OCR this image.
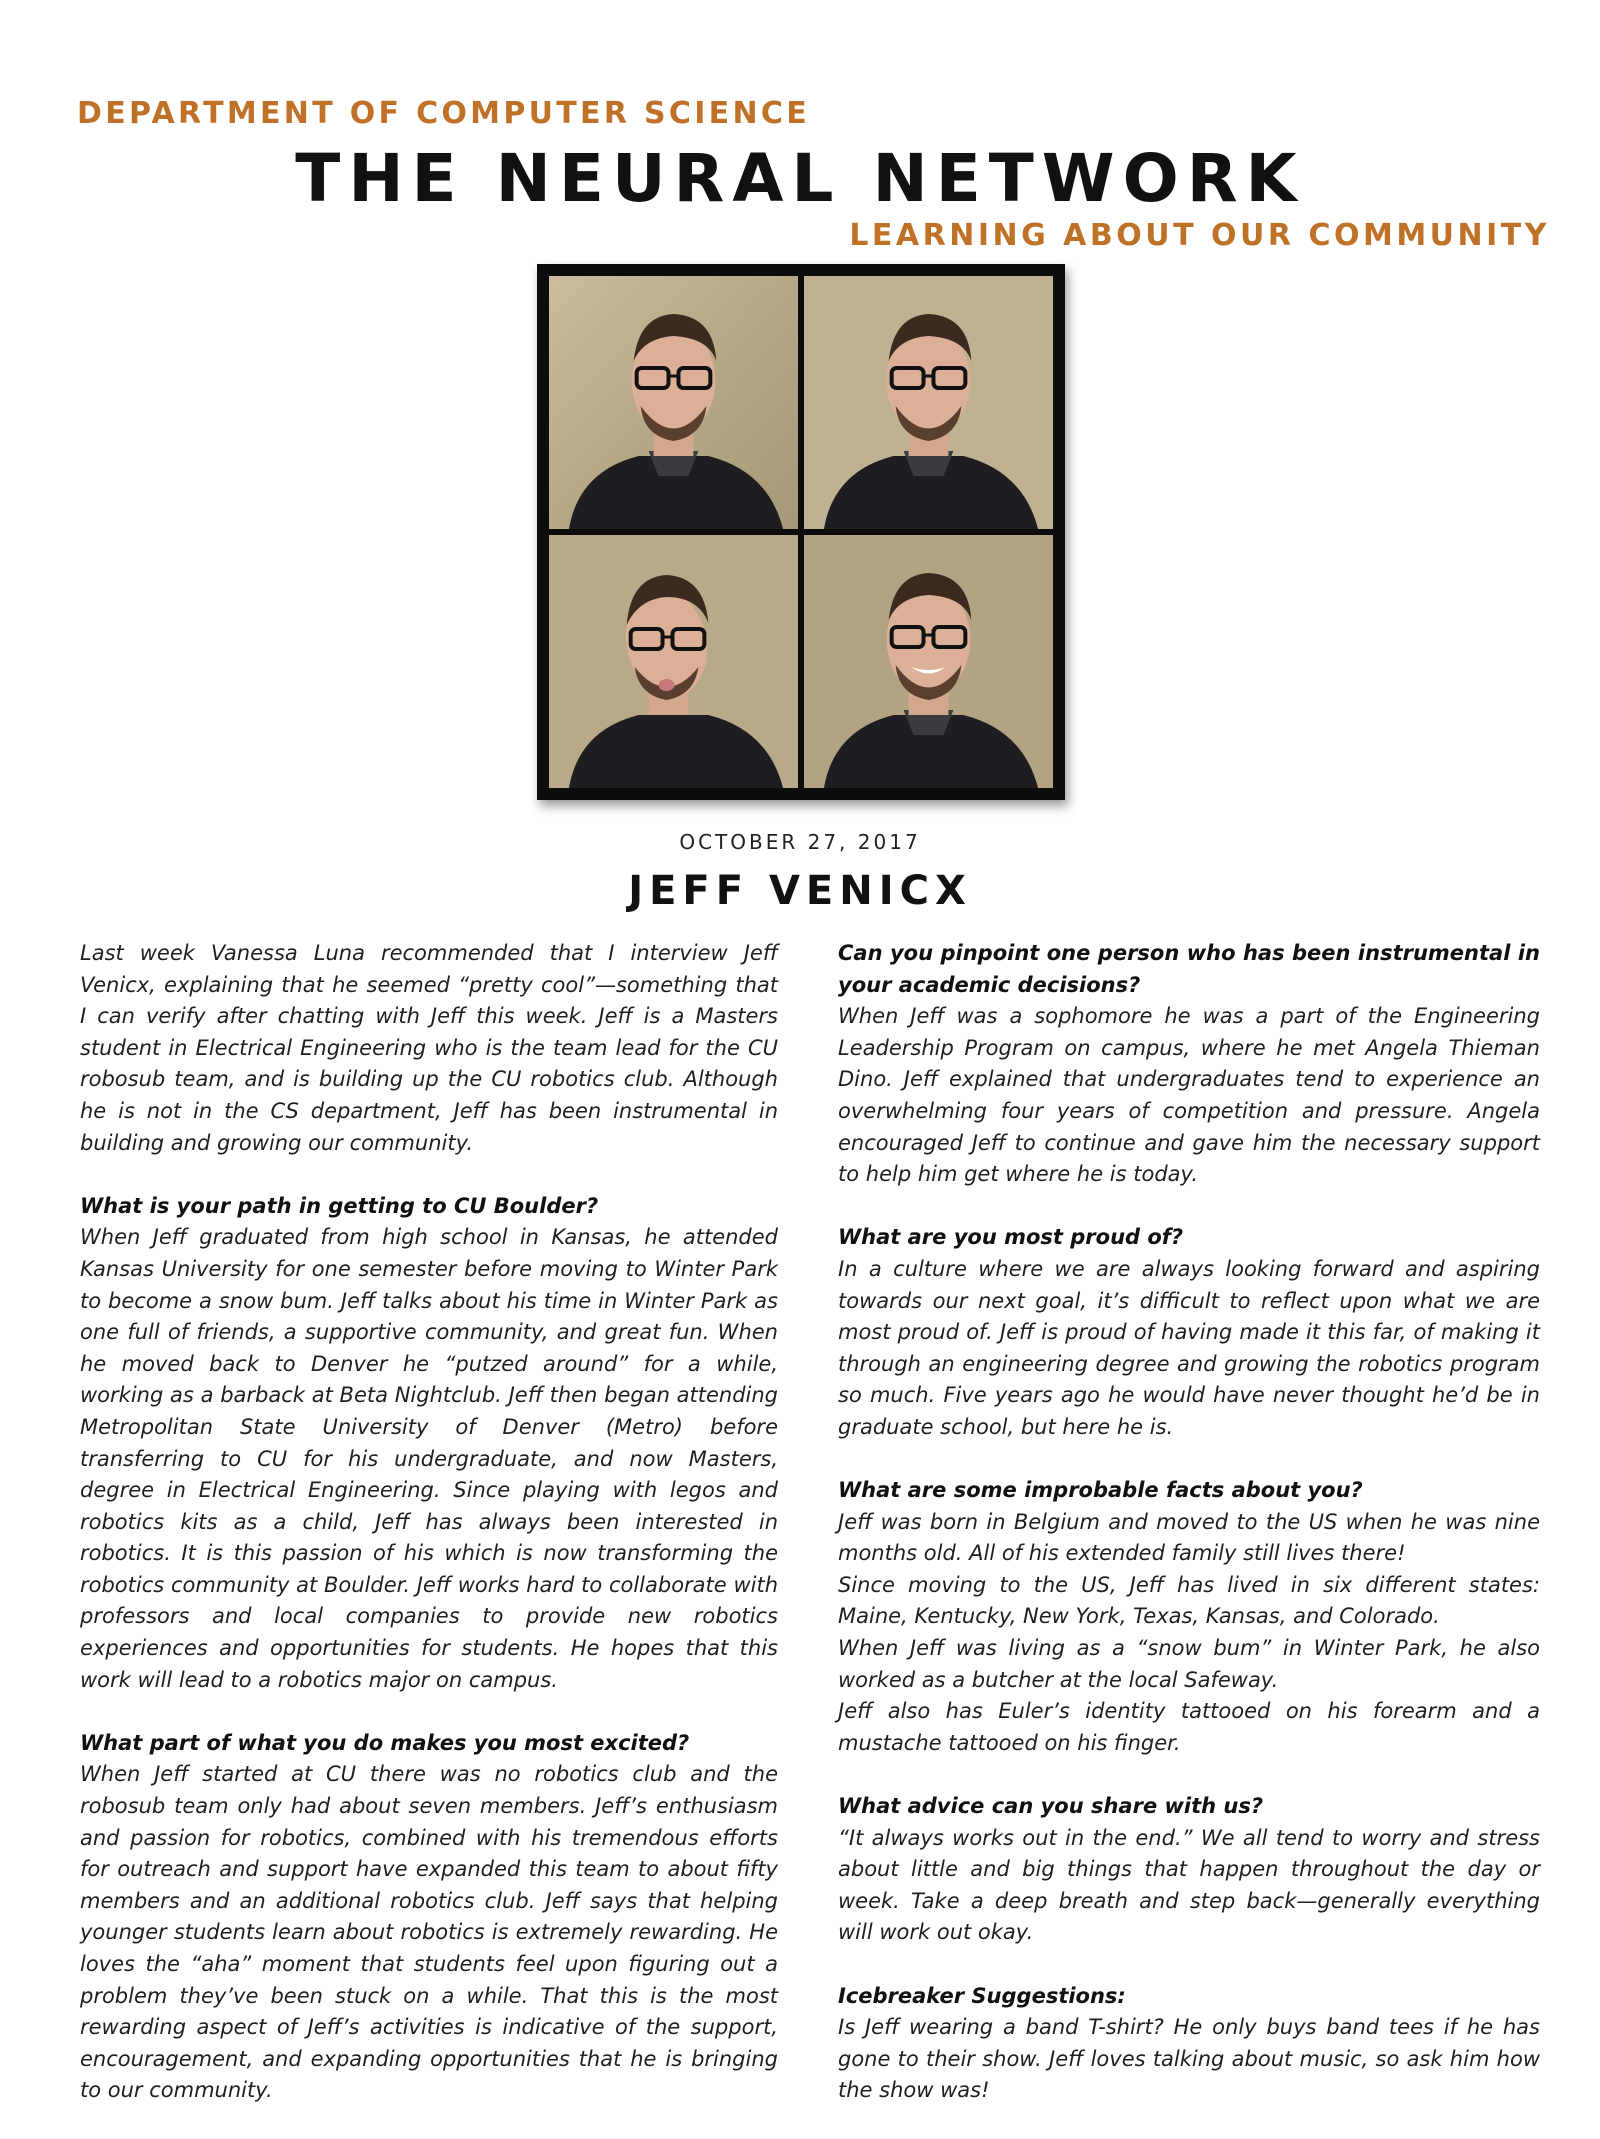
DEPARTMENT OF COMPUTER SCIENCE
THE NEURAL NETWORK
LEARNING ABOUT OUR COMMUNITY

OCTOBER 27, 2017

JEFF VENICX
Last week Vanessa Luna recommended that I interview Jeff Venicx, explaining that he seemed “pretty cool”—something that I can verify after chatting with Jeff this week. Jeff is a Masters student in Electrical Engineering who is the team lead for the CU robosub team, and is building up the CU robotics club. Although he is not in the CS department, Jeff has been instrumental in building and growing our community.
What is your path in getting to CU Boulder?
When Jeff graduated from high school in Kansas, he attended Kansas University for one semester before moving to Winter Park to become a snow bum. Jeff talks about his time in Winter Park as one full of friends, a supportive community, and great fun. When he moved back to Denver he “putzed around” for a while, working as a barback at Beta Nightclub. Jeff then began attending Metropolitan State University of Denver (Metro) before transferring to CU for his undergraduate, and now Masters, degree in Electrical Engineering. Since playing with legos and robotics kits as a child, Jeff has always been interested in robotics. It is this passion of his which is now transforming the robotics community at Boulder. Jeff works hard to collaborate with professors and local companies to provide new robotics experiences and opportunities for students. He hopes that this work will lead to a robotics major on campus.
What part of what you do makes you most excited?
When Jeff started at CU there was no robotics club and the robosub team only had about seven members. Jeff’s enthusiasm and passion for robotics, combined with his tremendous efforts for outreach and support have expanded this team to about fifty members and an additional robotics club. Jeff says that helping younger students learn about robotics is extremely rewarding. He loves the “aha” moment that students feel upon figuring out a problem they’ve been stuck on a while. That this is the most rewarding aspect of Jeff’s activities is indicative of the support, encouragement, and expanding opportunities that he is bringing to our community.
Can you pinpoint one person who has been instrumental in your academic decisions?
When Jeff was a sophomore he was a part of the Engineering Leadership Program on campus, where he met Angela Thieman Dino. Jeff explained that undergraduates tend to experience an overwhelming four years of competition and pressure. Angela encouraged Jeff to continue and gave him the necessary support to help him get where he is today.
What are you most proud of?
In a culture where we are always looking forward and aspiring towards our next goal, it’s difficult to reflect upon what we are most proud of. Jeff is proud of having made it this far, of making it through an engineering degree and growing the robotics program so much. Five years ago he would have never thought he’d be in graduate school, but here he is.
What are some improbable facts about you?
Jeff was born in Belgium and moved to the US when he was nine months old. All of his extended family still lives there!
Since moving to the US, Jeff has lived in six different states: Maine, Kentucky, New York, Texas, Kansas, and Colorado.
When Jeff was living as a “snow bum” in Winter Park, he also worked as a butcher at the local Safeway.
Jeff also has Euler’s identity tattooed on his forearm and a mustache tattooed on his finger.
What advice can you share with us?
“It always works out in the end.” We all tend to worry and stress about little and big things that happen throughout the day or week. Take a deep breath and step back—generally everything will work out okay.
Icebreaker Suggestions:
Is Jeff wearing a band T-shirt? He only buys band tees if he has gone to their show. Jeff loves talking about music, so ask him how the show was!
